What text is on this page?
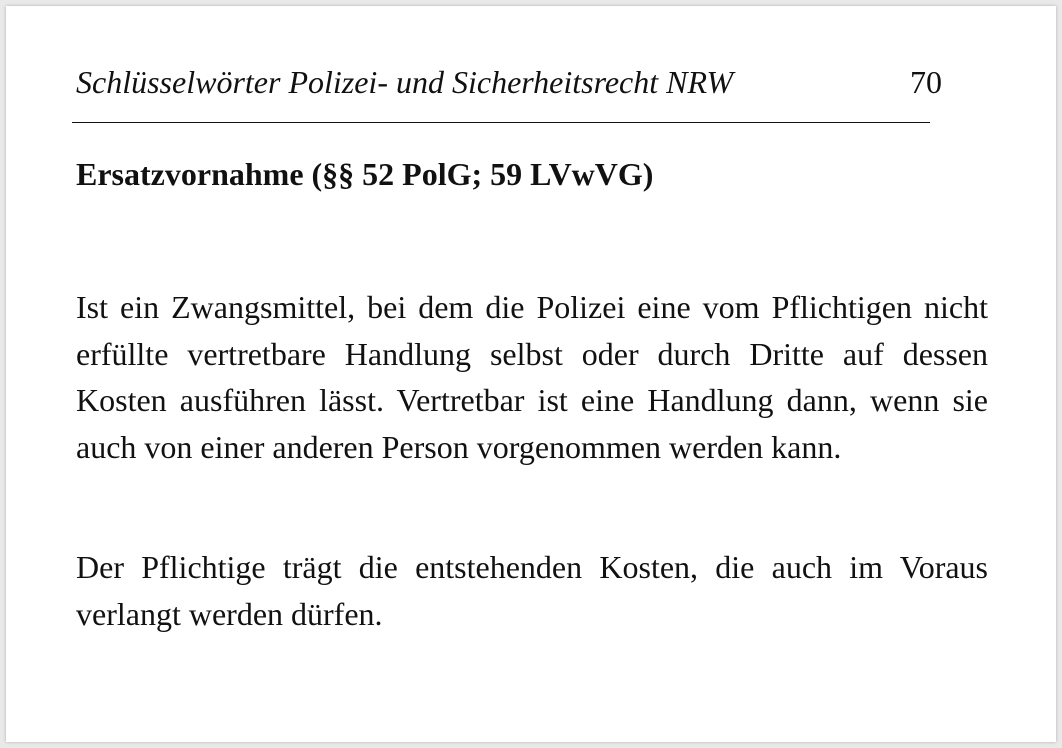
Schlüsselwörter Polizei- und Sicherheitsrecht NRW	70
Ersatzvornahme (§§ 52 PolG; 59 LVwVG)

Ist ein Zwangsmittel, bei dem die Polizei eine vom Pflichtigen nicht erfüllte vertretbare Handlung selbst oder durch Dritte auf dessen Kosten ausführen lässt. Vertretbar ist eine Handlung dann, wenn sie auch von einer anderen Person vorgenommen werden kann.

Der Pflichtige trägt die entstehenden Kosten, die auch im Voraus verlangt werden dürfen.
